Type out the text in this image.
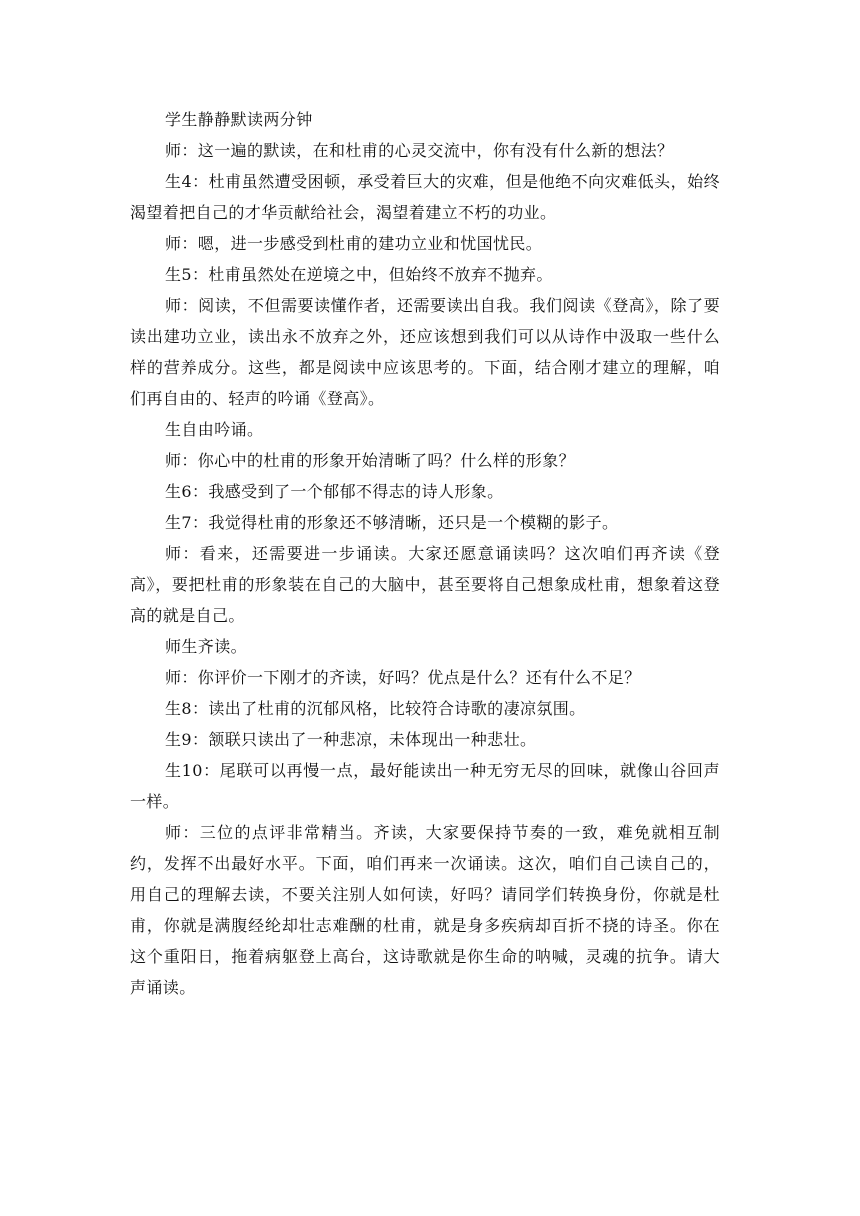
学生静静默读两分钟

师：这一遍的默读，在和杜甫的心灵交流中，你有没有什么新的想法？

生4：杜甫虽然遭受困顿，承受着巨大的灾难，但是他绝不向灾难低头，始终渴望着把自己的才华贡献给社会，渴望着建立不朽的功业。

师：嗯，进一步感受到杜甫的建功立业和忧国忧民。

生5：杜甫虽然处在逆境之中，但始终不放弃不抛弃。

师：阅读，不但需要读懂作者，还需要读出自我。我们阅读《登高》，除了要读出建功立业，读出永不放弃之外，还应该想到我们可以从诗作中汲取一些什么样的营养成分。这些，都是阅读中应该思考的。下面，结合刚才建立的理解，咱们再自由的、轻声的吟诵《登高》。

生自由吟诵。

师：你心中的杜甫的形象开始清晰了吗？什么样的形象？

生6：我感受到了一个郁郁不得志的诗人形象。

生7：我觉得杜甫的形象还不够清晰，还只是一个模糊的影子。

师：看来，还需要进一步诵读。大家还愿意诵读吗？这次咱们再齐读《登高》，要把杜甫的形象装在自己的大脑中，甚至要将自己想象成杜甫，想象着这登高的就是自己。

师生齐读。

师：你评价一下刚才的齐读，好吗？优点是什么？还有什么不足？

生8：读出了杜甫的沉郁风格，比较符合诗歌的凄凉氛围。

生9：颔联只读出了一种悲凉，未体现出一种悲壮。

生10：尾联可以再慢一点，最好能读出一种无穷无尽的回味，就像山谷回声一样。

师：三位的点评非常精当。齐读，大家要保持节奏的一致，难免就相互制约，发挥不出最好水平。下面，咱们再来一次诵读。这次，咱们自己读自己的，用自己的理解去读，不要关注别人如何读，好吗？请同学们转换身份，你就是杜甫，你就是满腹经纶却壮志难酬的杜甫，就是身多疾病却百折不挠的诗圣。你在这个重阳日，拖着病躯登上高台，这诗歌就是你生命的呐喊，灵魂的抗争。请大声诵读。
